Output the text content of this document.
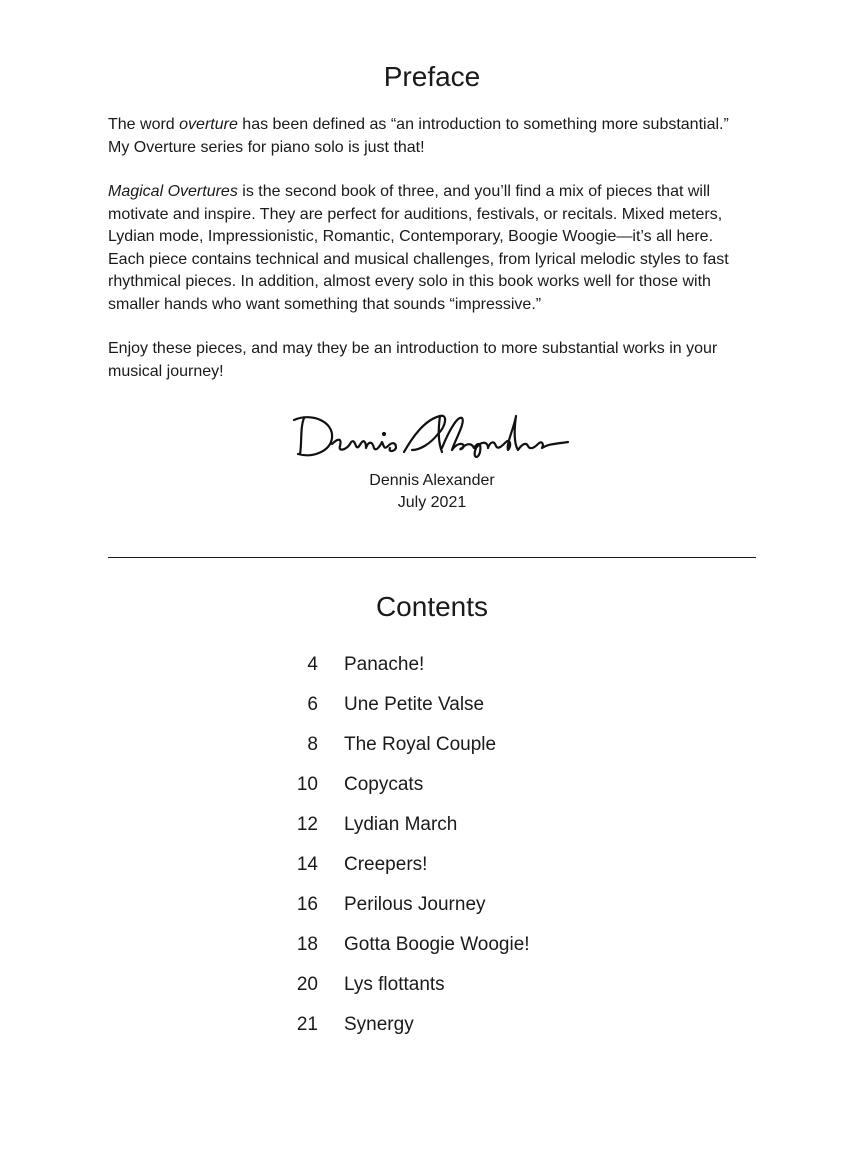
Preface

The word overture has been defined as “an introduction to something more substantial.” My Overture series for piano solo is just that!

Magical Overtures is the second book of three, and you’ll find a mix of pieces that will motivate and inspire. They are perfect for auditions, festivals, or recitals. Mixed meters, Lydian mode, Impressionistic, Romantic, Contemporary, Boogie Woogie—it’s all here. Each piece contains technical and musical challenges, from lyrical melodic styles to fast rhythmical pieces. In addition, almost every solo in this book works well for those with smaller hands who want something that sounds “impressive.”

Enjoy these pieces, and may they be an introduction to more substantial works in your musical journey!

Dennis Alexander
July 2021
Contents
4 Panache!
6 Une Petite Valse
8 The Royal Couple
10 Copycats
12 Lydian March
14 Creepers!
16 Perilous Journey
18 Gotta Boogie Woogie!
20 Lys flottants
21 Synergy
